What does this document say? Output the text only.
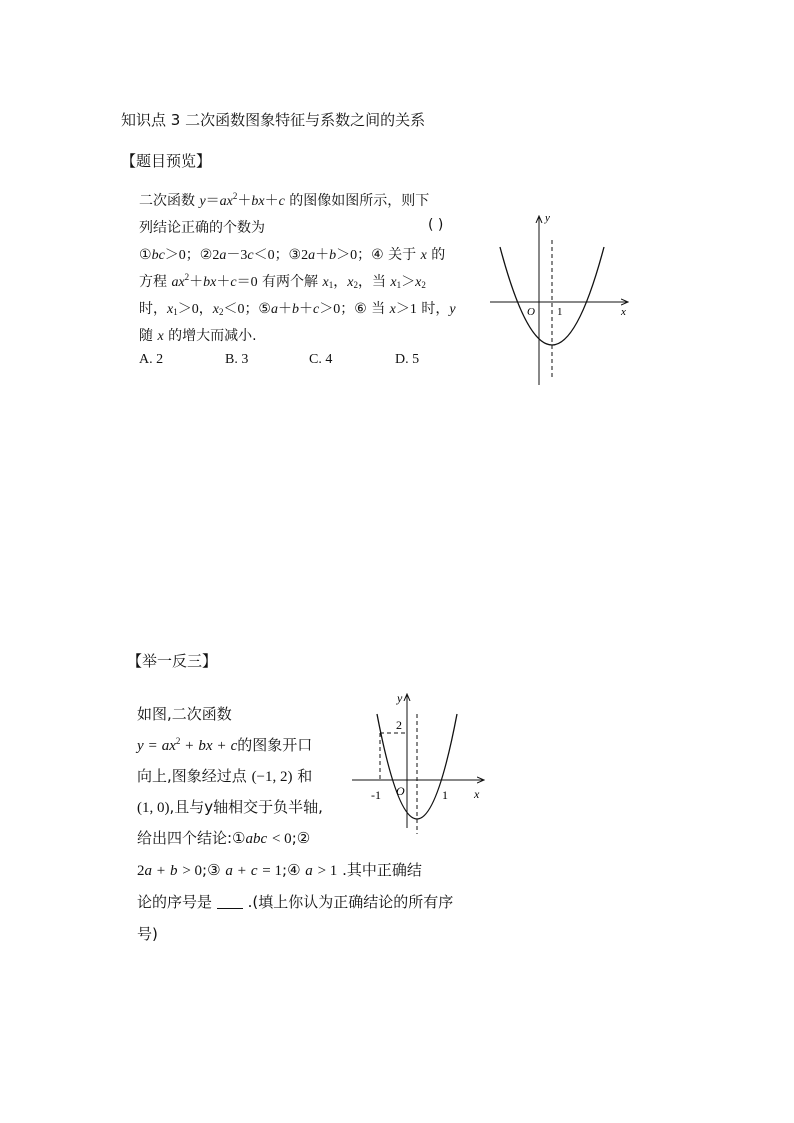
知识点 3 二次函数图象特征与系数之间的关系
【题目预览】
二次函数 $y=ax^2+bx+c$ 的图像如图所示，则下
列结论正确的个数为	( )
①bc＞0；②2a－3c＜0；③2a＋b＞0；④ 关于 x 的
方程 $ax^2+bx+c=0$ 有两个解 $x_1$，$x_2$，当 $x_1>x_2$
时，$x_1>0$，$x_2<0$；⑤a＋b＋c＞0；⑥ 当 x＞1 时，y
随 x 的增大而减小.
A. 2	B. 3	C. 4	D. 5
y
x
O 1
【举一反三】
如图,二次函数
$y = ax^2$ + bx + c的图象开口
向上,图象经过点 (−1, 2) 和
(1, 0),且与y轴相交于负半轴,
给出四个结论:①abc < 0;②
2a + b > 0;③ a + c = 1;④ a > 1 .其中正确结
论的序号是 .(填上你认为正确结论的所有序
号)
y
x
O
2
-1	1
